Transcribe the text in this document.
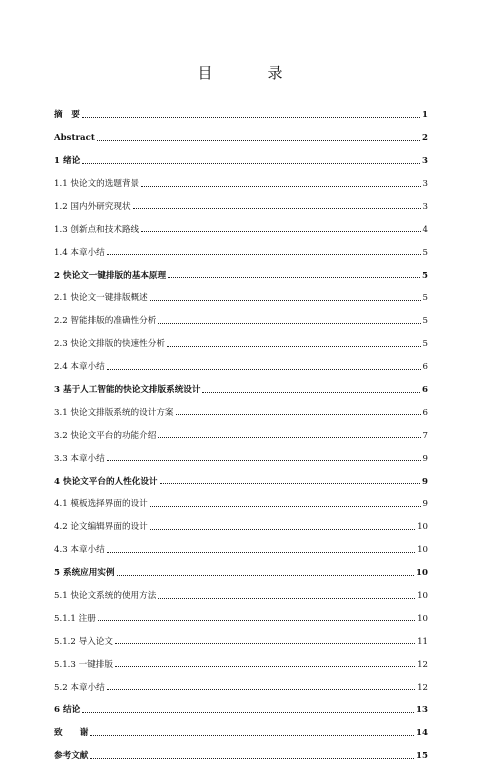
目　录
摘　要	1
Abstract	2
1 绪论	3
1.1 快论文的选题背景	3
1.2 国内外研究现状	3
1.3 创新点和技术路线	4
1.4 本章小结	5
2 快论文一键排版的基本原理	5
2.1 快论文一键排版概述	5
2.2 智能排版的准确性分析	5
2.3 快论文排版的快速性分析	5
2.4 本章小结	6
3 基于人工智能的快论文排版系统设计	6
3.1 快论文排版系统的设计方案	6
3.2 快论文平台的功能介绍	7
3.3 本章小结	9
4 快论文平台的人性化设计	9
4.1 模板选择界面的设计	9
4.2 论文编辑界面的设计	10
4.3 本章小结	10
5 系统应用实例	10
5.1 快论文系统的使用方法	10
5.1.1 注册	10
5.1.2 导入论文	11
5.1.3 一键排版	12
5.2 本章小结	12
6 结论	13
致　　谢	14
参考文献	15
